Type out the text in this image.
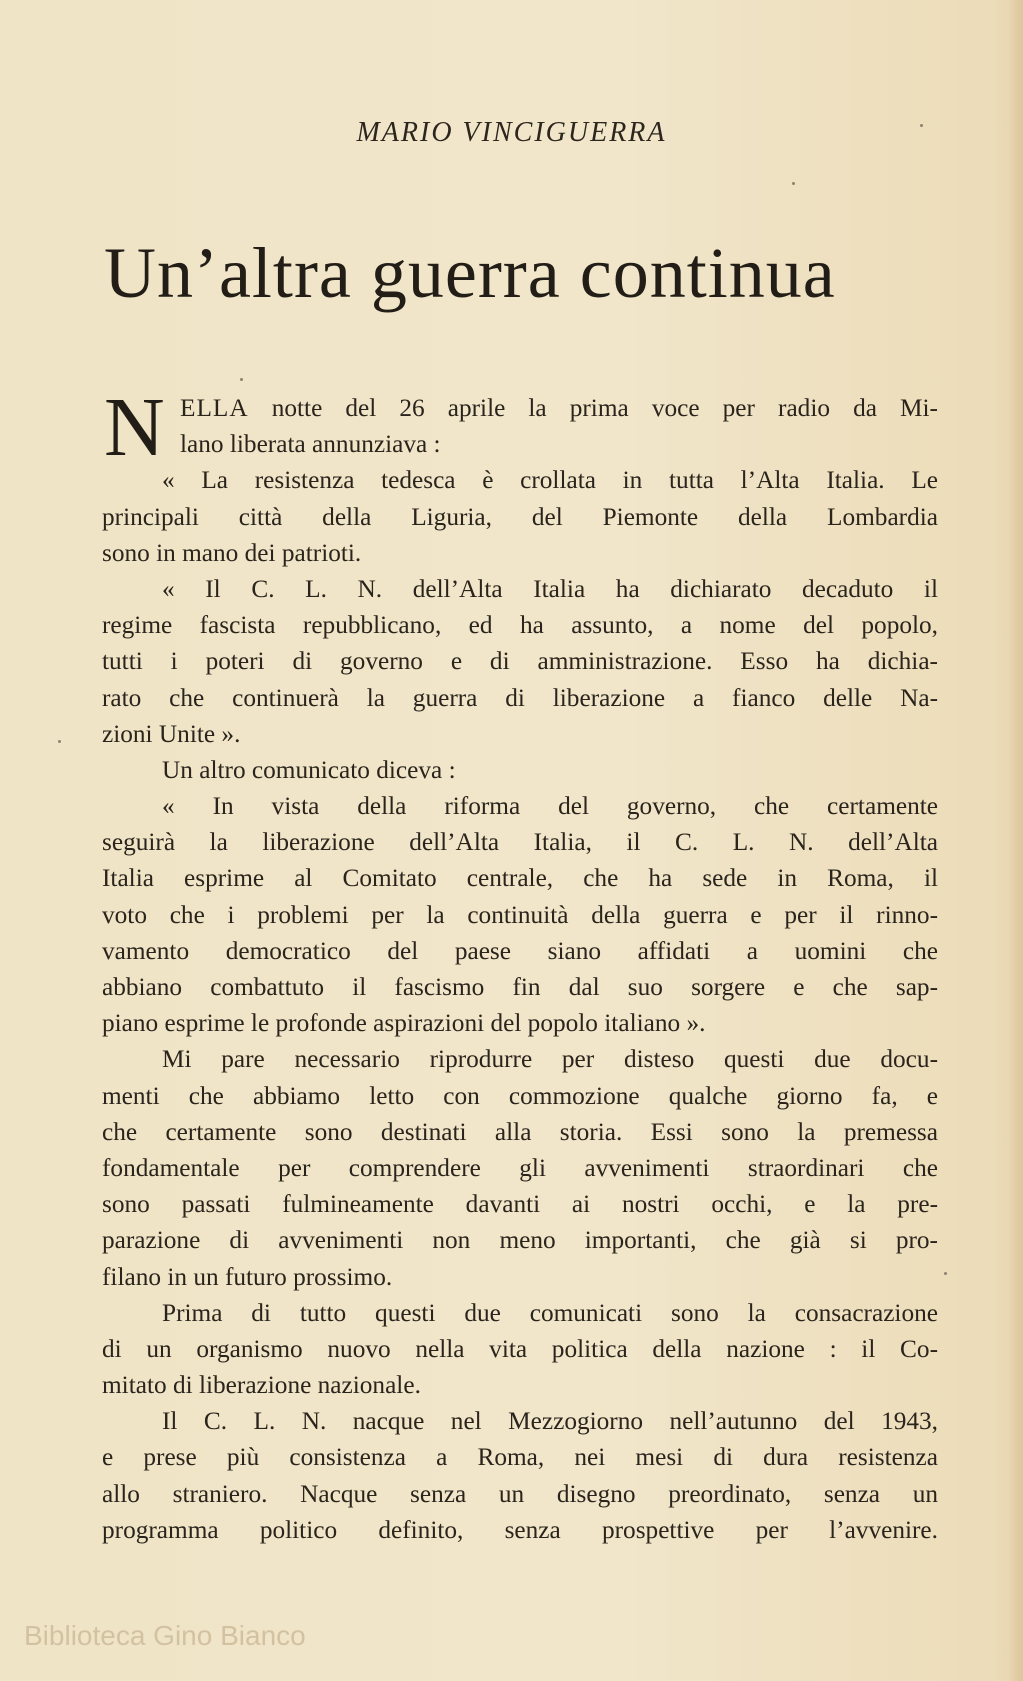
MARIO VINCIGUERRA
Un’altra guerra continua
N ELLA notte del 26 aprile la prima voce per radio da Mi-
lano liberata annunziava :
« La resistenza tedesca è crollata in tutta l’Alta Italia. Le
principali città della Liguria, del Piemonte della Lombardia
sono in mano dei patrioti.
« Il C. L. N. dell’Alta Italia ha dichiarato decaduto il
regime fascista repubblicano, ed ha assunto, a nome del popolo,
tutti i poteri di governo e di amministrazione. Esso ha dichia-
rato che continuerà la guerra di liberazione a fianco delle Na-
zioni Unite ».
Un altro comunicato diceva :
« In vista della riforma del governo, che certamente
seguirà la liberazione dell’Alta Italia, il C. L. N. dell’Alta
Italia esprime al Comitato centrale, che ha sede in Roma, il
voto che i problemi per la continuità della guerra e per il rinno-
vamento democratico del paese siano affidati a uomini che
abbiano combattuto il fascismo fin dal suo sorgere e che sap-
piano esprime le profonde aspirazioni del popolo italiano ».
Mi pare necessario riprodurre per disteso questi due docu-
menti che abbiamo letto con commozione qualche giorno fa, e
che certamente sono destinati alla storia. Essi sono la premessa
fondamentale per comprendere gli avvenimenti straordinari che
sono passati fulmineamente davanti ai nostri occhi, e la pre-
parazione di avvenimenti non meno importanti, che già si pro-
filano in un futuro prossimo.
Prima di tutto questi due comunicati sono la consacrazione
di un organismo nuovo nella vita politica della nazione : il Co-
mitato di liberazione nazionale.
Il C. L. N. nacque nel Mezzogiorno nell’autunno del 1943,
e prese più consistenza a Roma, nei mesi di dura resistenza
allo straniero. Nacque senza un disegno preordinato, senza un
programma politico definito, senza prospettive per l’avvenire.
Biblioteca Gino Bianco
